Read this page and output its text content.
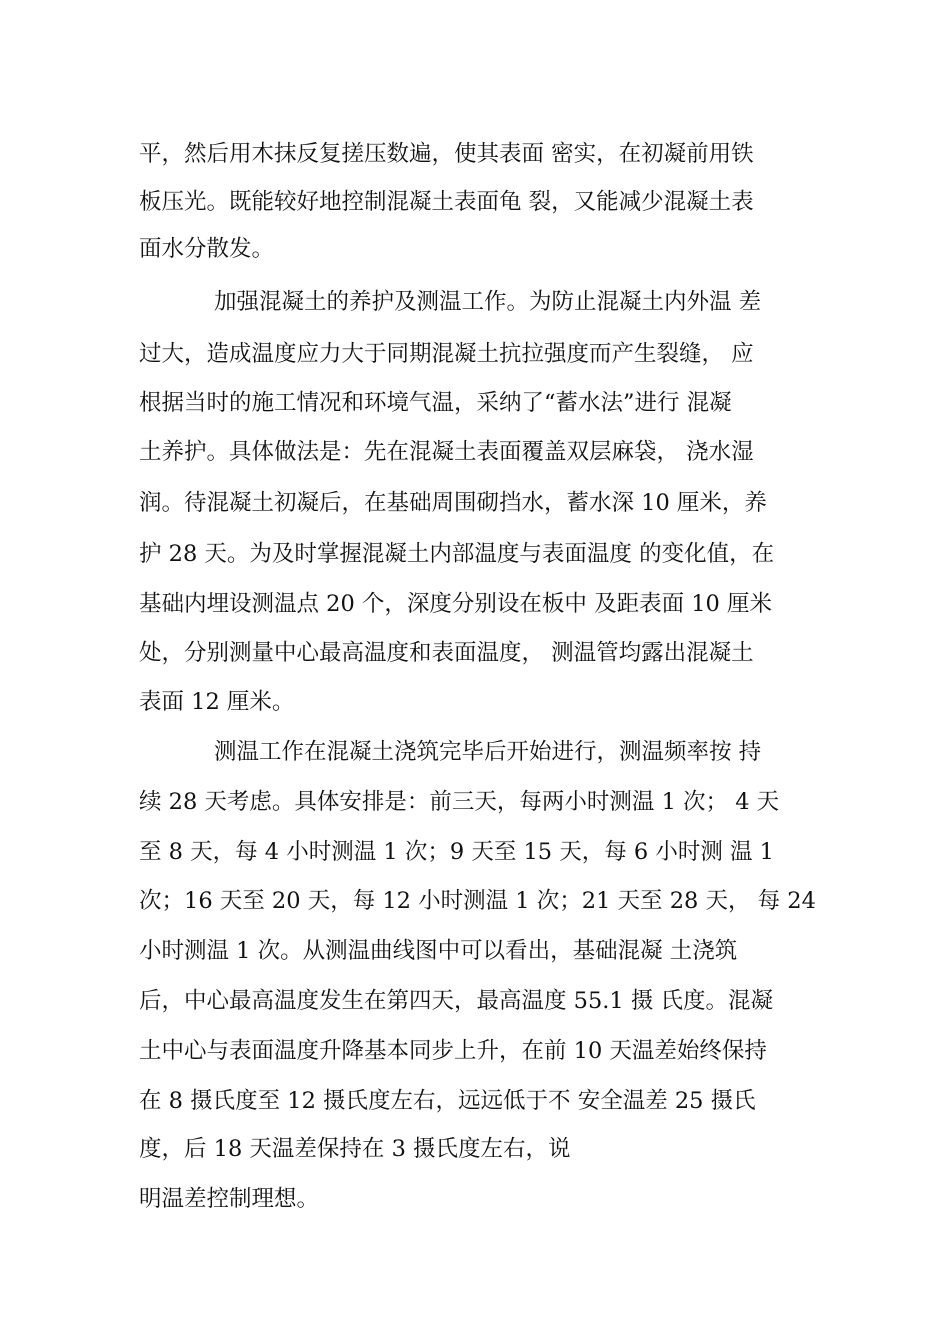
平，然后用木抹反复搓压数遍，使其表面 密实，在初凝前用铁
板压光。既能较好地控制混凝土表面龟 裂，又能减少混凝土表
面水分散发。
加强混凝土的养护及测温工作。为防止混凝土内外温 差
过大，造成温度应力大于同期混凝土抗拉强度而产生裂缝， 应
根据当时的施工情况和环境气温，采纳了“蓄水法”进行 混凝
土养护。具体做法是：先在混凝土表面覆盖双层麻袋， 浇水湿
润。待混凝土初凝后，在基础周围砌挡水，蓄水深 10 厘米，养
护 28 天。为及时掌握混凝土内部温度与表面温度 的变化值，在
基础内埋设测温点 20 个，深度分别设在板中 及距表面 10 厘米
处，分别测量中心最高温度和表面温度， 测温管均露出混凝土
表面 12 厘米。
测温工作在混凝土浇筑完毕后开始进行，测温频率按 持
续 28 天考虑。具体安排是：前三天，每两小时测温 1 次； 4 天
至 8 天，每 4 小时测温 1 次；9 天至 15 天，每 6 小时测 温 1
次；16 天至 20 天，每 12 小时测温 1 次；21 天至 28 天， 每 24
小时测温 1 次。从测温曲线图中可以看出，基础混凝 土浇筑
后，中心最高温度发生在第四天，最高温度 55.1 摄 氏度。混凝
土中心与表面温度升降基本同步上升，在前 10 天温差始终保持
在 8 摄氏度至 12 摄氏度左右，远远低于不 安全温差 25 摄氏
度，后 18 天温差保持在 3 摄氏度左右，说
明温差控制理想。
